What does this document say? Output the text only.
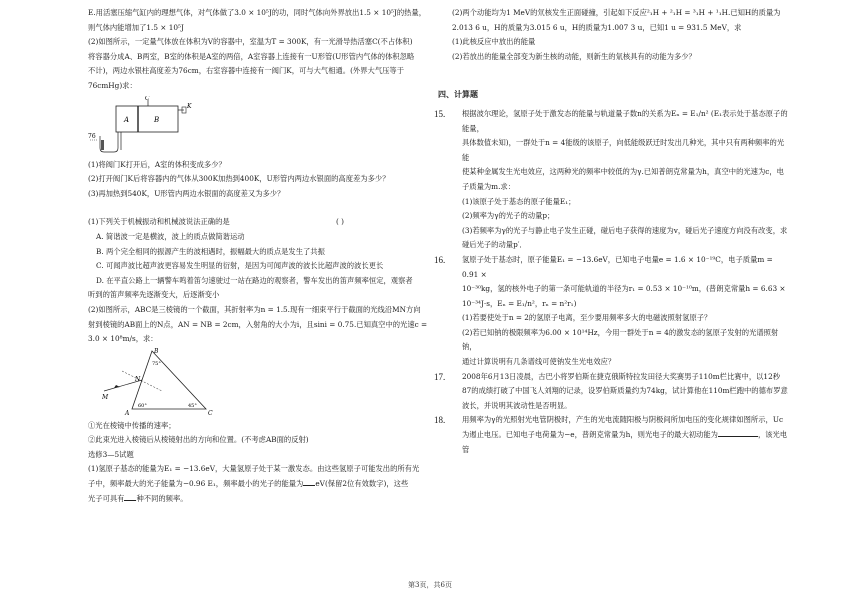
E.用活塞压缩气缸内的理想气体，对气体做了3.0 × 10⁵J的功，同时气体向外界放出1.5 × 10⁵J的热量，

则气体内能增加了1.5 × 10⁵J

(2)如图所示，一定量气体放在体积为V的容器中，室温为T = 300K，有一光滑导热活塞C(不占体积)

将容器分成A、B两室，B室的体积是A室的两倍，A室容器上连接有一U形管(U形管内气体的体积忽略

不计)，两边水银柱高度差为76cm，右室容器中连接有一阀门K，可与大气相通。(外界大气压等于

76cmHg)求：

A	B
C
K
76

(1)将阀门K打开后，A室的体积变成多少？

(2)打开阀门K后将容器内的气体从300K加热到400K，U形管内两边水银面的高度差为多少？

(3)再加热到540K，U形管内两边水银面的高度差又为多少？

(1)下列关于机械振动和机械波说法正确的是	( )

A. 简谐波一定是横波，波上的质点做简谐运动

B. 两个完全相同的振源产生的波相遇时，振幅最大的质点是发生了共振

C. 可闻声波比超声波更容易发生明显的衍射，是因为可闻声波的波长比超声波的波长更长

D. 在平直公路上一辆警车鸣着笛匀速驶过一站在路边的观察者，警车发出的笛声频率恒定，观察者

听到的笛声频率先逐渐变大，后逐渐变小

(2)如图所示，ABC是三棱镜的一个截面，其折射率为n = 1.5.现有一细束平行于截面的光线沿MN方向

射到棱镜的AB面上的N点，AN = NB = 2cm，入射角的大小为i，且sini = 0.75.已知真空中的光速c =

3.0 × 10⁸m/s，求：

B
A	C
N
M
75°
60°	45°

①光在棱镜中传播的速率；

②此束光进入棱镜后从棱镜射出的方向和位置。(不考虑AB面的反射)

选修3—5试题

(1)氢原子基态的能量为E₁ = −13.6eV，大量氢原子处于某一激发态。由这些氢原子可能发出的所有光

子中，频率最大的光子能量为−0.96 E₁，频率最小的光子的能量为 eV(保留2位有效数字)，这些

光子可具有 种不同的频率。

(2)两个动能均为1 MeV的氘核发生正面碰撞，引起如下反应²₁H + ²₁H = ³₁H + ¹₁H.已知H的质量为

2.013 6 u，H的质量为3.015 6 u，H的质量为1.007 3 u，已知1 u = 931.5 MeV，求

(1)此核反应中放出的能量

(2)若放出的能量全部变为新生核的动能，则新生的氚核具有的动能为多少？

四、计算题
15. 根据波尔理论，氢原子处于激发态的能量与轨道量子数n的关系为Eₙ = E₁/n² (E₁表示处于基态原子的能量，

具体数值未知)，一群处于n = 4能级的该原子，向低能级跃迁时发出几种光，其中只有两种频率的光能

使某种金属发生光电效应，这两种光的频率中较低的为γ.已知普朗克常量为h，真空中的光速为c，电

子质量为m.求：

(1)该原子处于基态的原子能量E₁；

(2)频率为γ的光子的动量p；

(3)若频率为γ的光子与静止电子发生正碰，碰后电子获得的速度为v，碰后光子速度方向没有改变，求

碰后光子的动量p′．

16. 氢原子处于基态时，原子能量E₁ = −13.6eV，已知电子电量e = 1.6 × 10⁻¹⁹C，电子质量m = 0.91 ×

10⁻³⁰kg，氢的核外电子的第一条可能轨道的半径为r₁ = 0.53 × 10⁻¹⁰m，(普朗克常量h = 6.63 ×

10⁻³⁴J·s，Eₙ = E₁/n²，rₙ = n²r₁)

(1)若要使处于n = 2的氢原子电离，至少要用频率多大的电磁波照射氢原子？

(2)若已知钠的极限频率为6.00 × 10¹⁴Hz，今用一群处于n = 4的激发态的氢原子发射的光谱照射钠，

通过计算说明有几条谱线可使钠发生光电效应？

17. 2008年6月13日凌晨，古巴小将罗伯斯在捷克俄斯特拉发田径大奖赛男子110m栏比赛中，以12秒

87的成绩打破了中国飞人刘翔的记录，设罗伯斯质量约为74kg，试计算他在110m栏跑中的德布罗意

波长，并说明其波动性是否明显。

18. 用频率为γ的光照射光电管阴极时，产生的光电流随阳极与阴极间所加电压的变化规律如图所示，Uc

为遏止电压。已知电子电荷量为−e，普朗克常量为h，则光电子的最大初动能为	，该光电管

第3页，共6页
